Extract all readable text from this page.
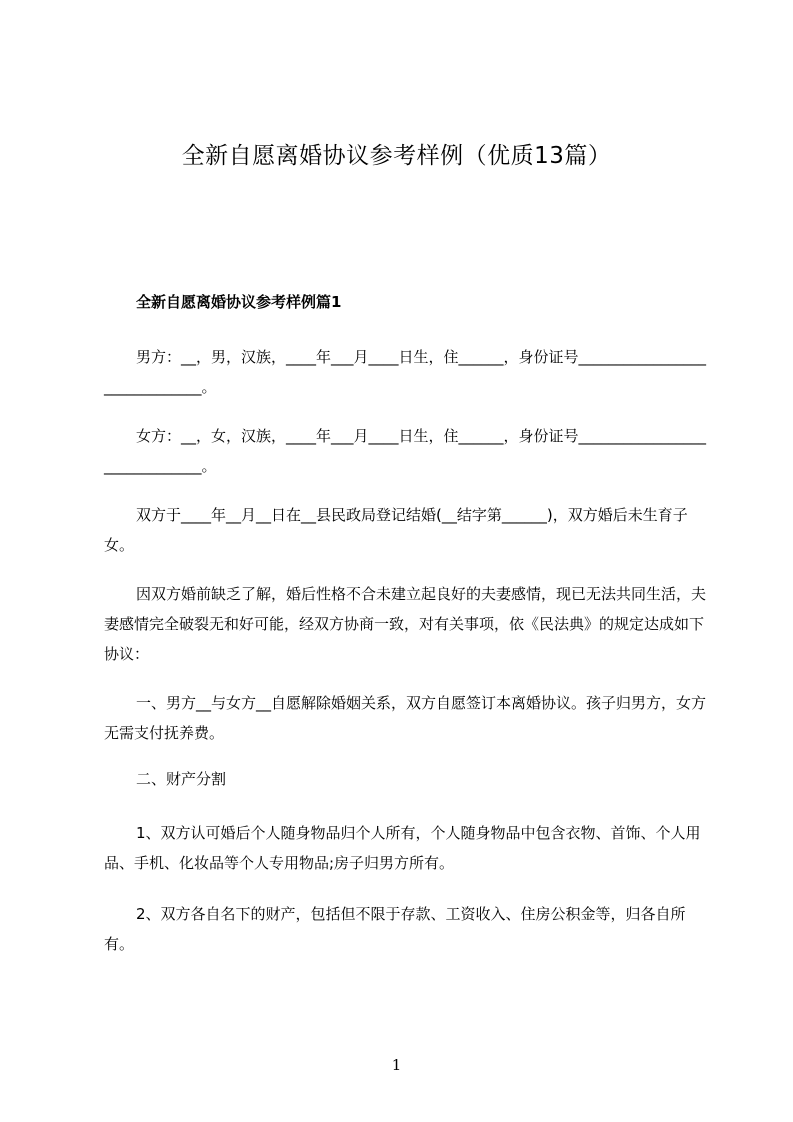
全新自愿离婚协议参考样例（优质13篇）
全新自愿离婚协议参考样例篇1

男方：__，男，汉族，____年___月____日生，住______，身份证号______________________________。

女方：__，女，汉族，____年___月____日生，住______，身份证号______________________________。

双方于____年__月__日在__县民政局登记结婚(__结字第______)，双方婚后未生育子女。

因双方婚前缺乏了解，婚后性格不合未建立起良好的夫妻感情，现已无法共同生活，夫妻感情完全破裂无和好可能，经双方协商一致，对有关事项，依《民法典》的规定达成如下协议：

一、男方__与女方__自愿解除婚姻关系，双方自愿签订本离婚协议。孩子归男方，女方无需支付抚养费。

二、财产分割

1、双方认可婚后个人随身物品归个人所有，个人随身物品中包含衣物、首饰、个人用品、手机、化妆品等个人专用物品;房子归男方所有。

2、双方各自名下的财产，包括但不限于存款、工资收入、住房公积金等，归各自所有。

1
